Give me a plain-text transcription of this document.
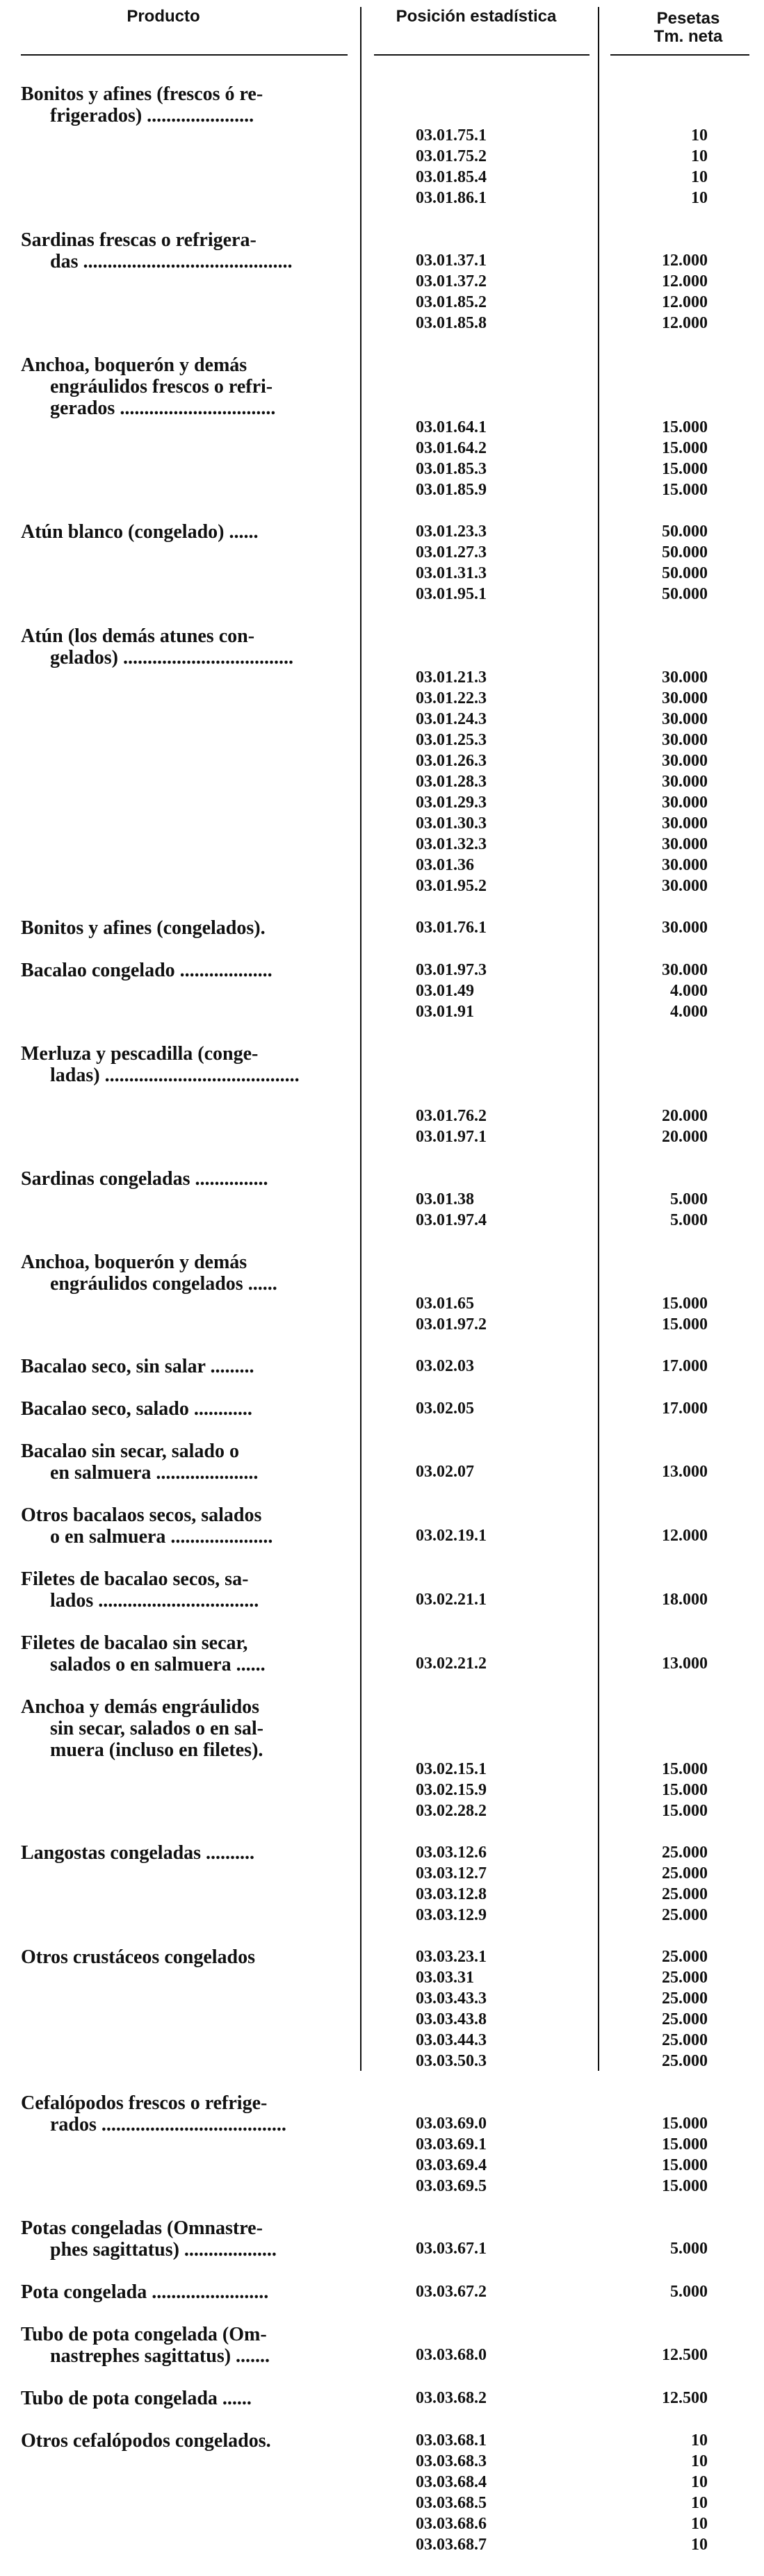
Producto	Posición estadística	Pesetas
Tm. neta
Bonitos y afines (frescos ó re-
frigerados) ......................
03.01.75.1	10
03.01.75.2	10
03.01.85.4	10
03.01.86.1	10
Sardinas frescas o refrigera-
das ...........................................	03.01.37.1	12.000
03.01.37.2	12.000
03.01.85.2	12.000
03.01.85.8	12.000
Anchoa, boquerón y demás
engráulidos frescos o refri-
gerados ................................
03.01.64.1	15.000
03.01.64.2	15.000
03.01.85.3	15.000
03.01.85.9	15.000
Atún blanco (congelado) ......	03.01.23.3	50.000
03.01.27.3	50.000
03.01.31.3	50.000
03.01.95.1	50.000
Atún (los demás atunes con-
gelados) ...................................
03.01.21.3	30.000
03.01.22.3	30.000
03.01.24.3	30.000
03.01.25.3	30.000
03.01.26.3	30.000
03.01.28.3	30.000
03.01.29.3	30.000
03.01.30.3	30.000
03.01.32.3	30.000
03.01.36	30.000
03.01.95.2	30.000
Bonitos y afines (congelados).	03.01.76.1	30.000
Bacalao congelado ...................	03.01.97.3	30.000
03.01.49	4.000
03.01.91	4.000
Merluza y pescadilla (conge-
ladas) ........................................
03.01.76.2	20.000
03.01.97.1	20.000
Sardinas congeladas ...............
03.01.38	5.000
03.01.97.4	5.000
Anchoa, boquerón y demás
engráulidos congelados ......
03.01.65	15.000
03.01.97.2	15.000
Bacalao seco, sin salar .........	03.02.03	17.000
Bacalao seco, salado ............	03.02.05	17.000
Bacalao sin secar, salado o
en salmuera .....................	03.02.07	13.000
Otros bacalaos secos, salados
o en salmuera .....................	03.02.19.1	12.000
Filetes de bacalao secos, sa-
lados .................................	03.02.21.1	18.000
Filetes de bacalao sin secar,
salados o en salmuera ......	03.02.21.2	13.000
Anchoa y demás engráulidos
sin secar, salados o en sal-
muera (incluso en filetes).
03.02.15.1	15.000
03.02.15.9	15.000
03.02.28.2	15.000
Langostas congeladas ..........	03.03.12.6	25.000
03.03.12.7	25.000
03.03.12.8	25.000
03.03.12.9	25.000
Otros crustáceos congelados	03.03.23.1	25.000
03.03.31	25.000
03.03.43.3	25.000
03.03.43.8	25.000
03.03.44.3	25.000
03.03.50.3	25.000
Cefalópodos frescos o refrige-
rados ......................................	03.03.69.0	15.000
03.03.69.1	15.000
03.03.69.4	15.000
03.03.69.5	15.000
Potas congeladas (Omnastre-
phes sagittatus) ...................	03.03.67.1	5.000
Pota congelada ........................	03.03.67.2	5.000
Tubo de pota congelada (Om-
nastrephes sagittatus) .......	03.03.68.0	12.500
Tubo de pota congelada ......	03.03.68.2	12.500
Otros cefalópodos congelados.	03.03.68.1	10
03.03.68.3	10
03.03.68.4	10
03.03.68.5	10
03.03.68.6	10
03.03.68.7	10
